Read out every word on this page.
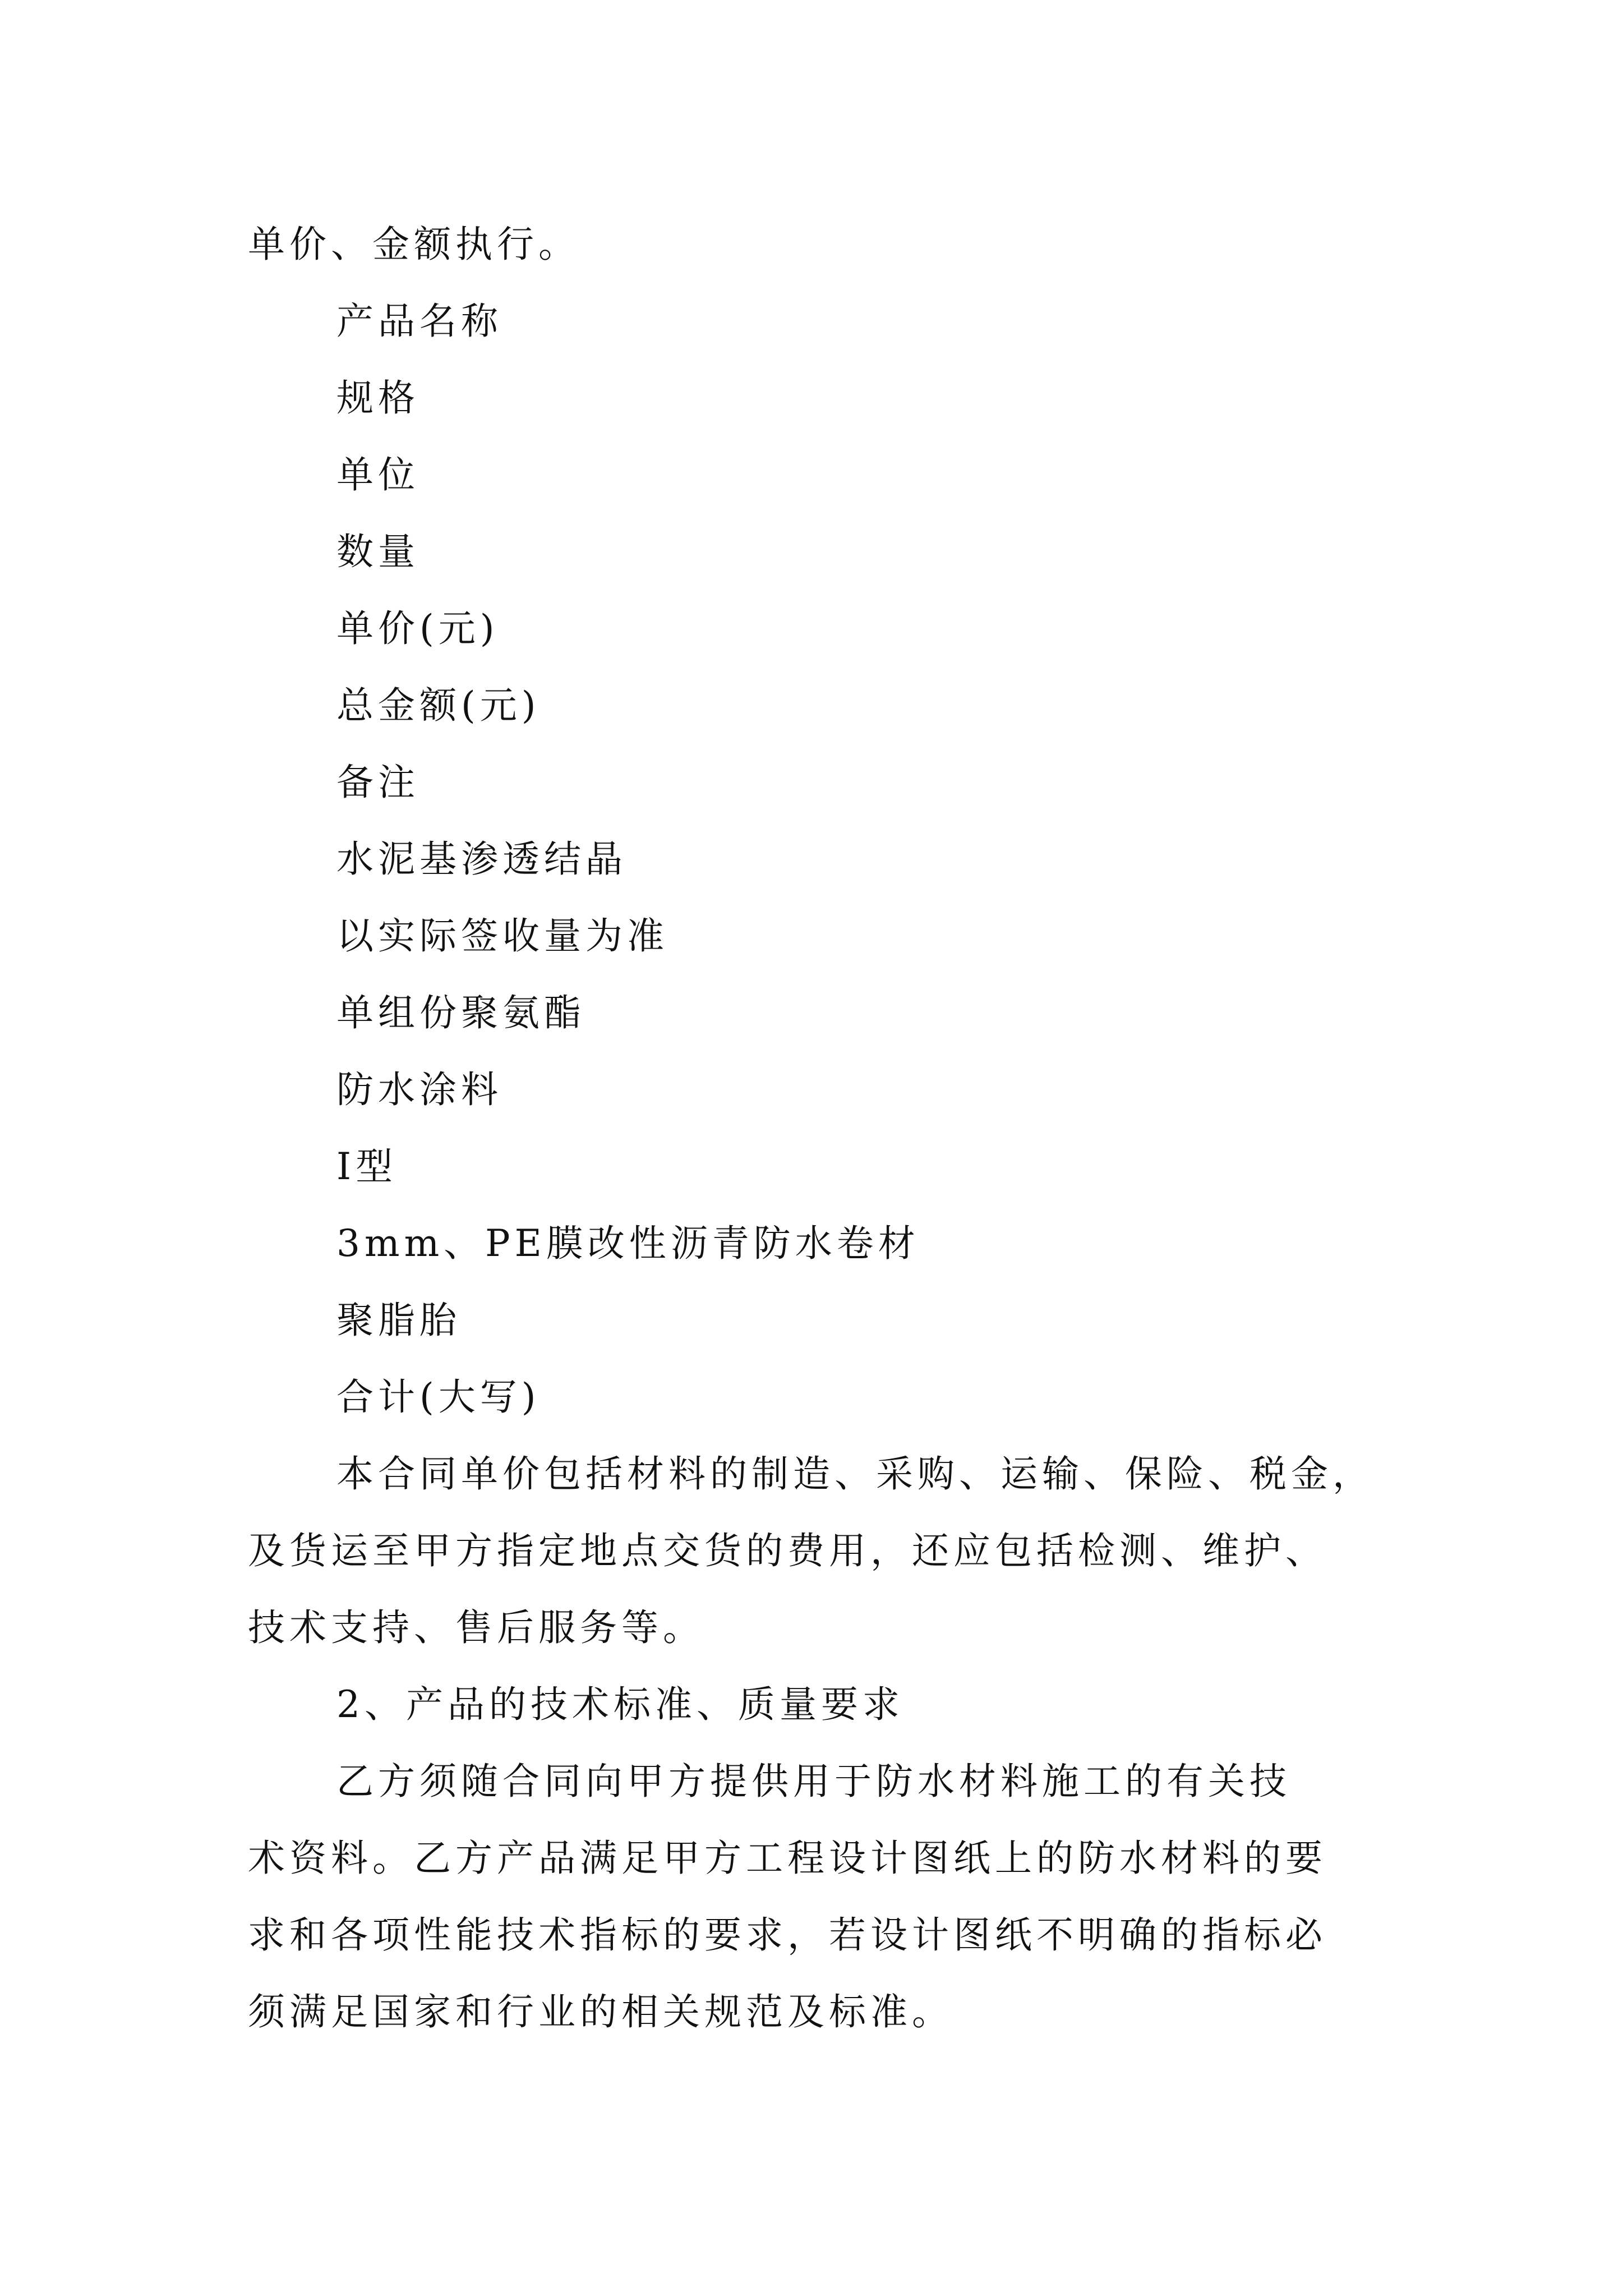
单价、金额执行。
产品名称
规格
单位
数量
单价(元)
总金额(元)
备注
水泥基渗透结晶
以实际签收量为准
单组份聚氨酯
防水涂料
Ⅰ型
3mm、PE膜改性沥青防水卷材
聚脂胎
合计(大写)
本合同单价包括材料的制造、采购、运输、保险、税金，
及货运至甲方指定地点交货的费用，还应包括检测、维护、
技术支持、售后服务等。
2、产品的技术标准、质量要求
乙方须随合同向甲方提供用于防水材料施工的有关技
术资料。乙方产品满足甲方工程设计图纸上的防水材料的要
求和各项性能技术指标的要求，若设计图纸不明确的指标必
须满足国家和行业的相关规范及标准。
